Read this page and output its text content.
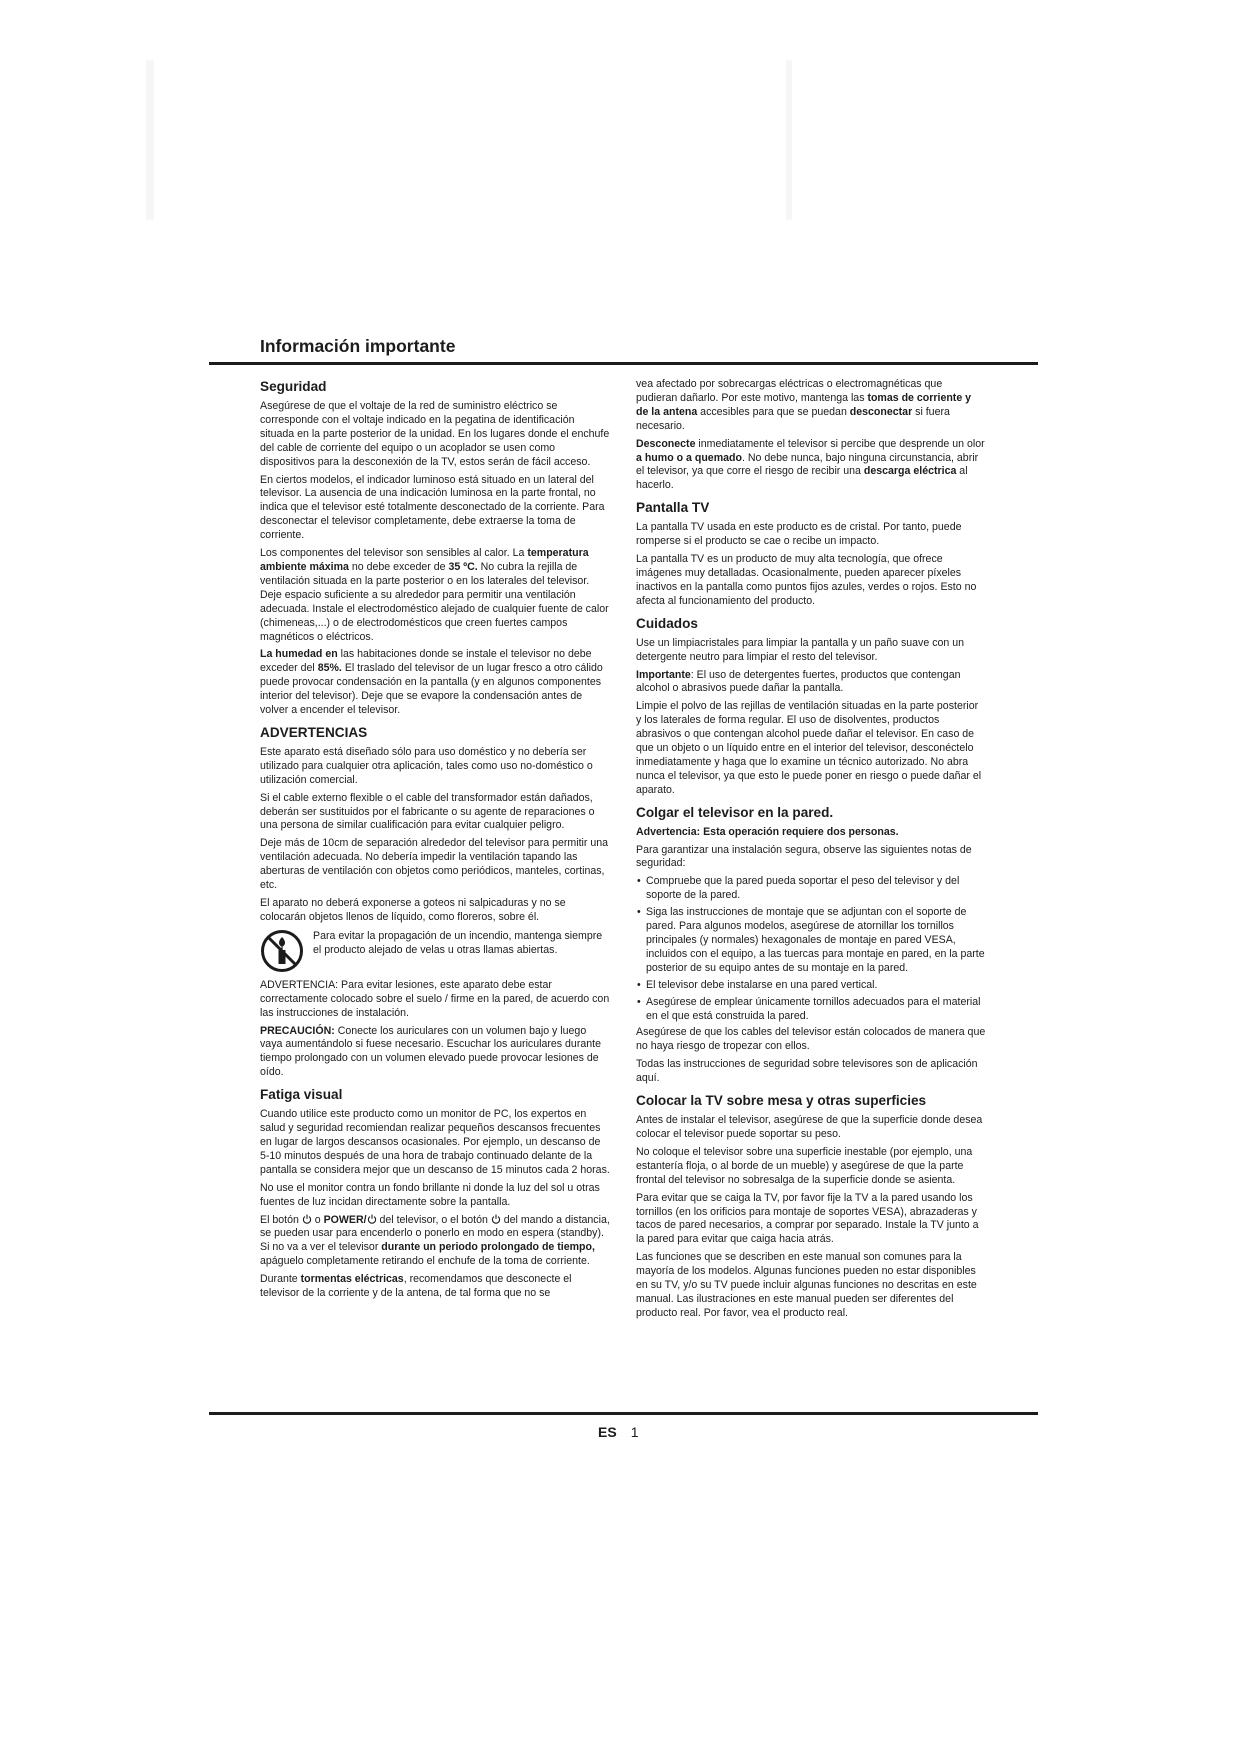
Información importante
Seguridad

Asegúrese de que el voltaje de la red de suministro eléctrico se corresponde con el voltaje indicado en la pegatina de identificación situada en la parte posterior de la unidad. En los lugares donde el enchufe del cable de corriente del equipo o un acoplador se usen como dispositivos para la desconexión de la TV, estos serán de fácil acceso.

En ciertos modelos, el indicador luminoso está situado en un lateral del televisor. La ausencia de una indicación luminosa en la parte frontal, no indica que el televisor esté totalmente desconectado de la corriente. Para desconectar el televisor completamente, debe extraerse la toma de corriente.

Los componentes del televisor son sensibles al calor. La temperatura ambiente máxima no debe exceder de 35 ºC. No cubra la rejilla de ventilación situada en la parte posterior o en los laterales del televisor. Deje espacio suficiente a su alrededor para permitir una ventilación adecuada. Instale el electrodoméstico alejado de cualquier fuente de calor (chimeneas,...) o de electrodomésticos que creen fuertes campos magnéticos o eléctricos.

La humedad en las habitaciones donde se instale el televisor no debe exceder del 85%. El traslado del televisor de un lugar fresco a otro cálido puede provocar condensación en la pantalla (y en algunos componentes interior del televisor). Deje que se evapore la condensación antes de volver a encender el televisor.

ADVERTENCIAS

Este aparato está diseñado sólo para uso doméstico y no debería ser utilizado para cualquier otra aplicación, tales como uso no-doméstico o utilización comercial.

Si el cable externo flexible o el cable del transformador están dañados, deberán ser sustituidos por el fabricante o su agente de reparaciones o una persona de similar cualificación para evitar cualquier peligro.

Deje más de 10cm de separación alrededor del televisor para permitir una ventilación adecuada. No debería impedir la ventilación tapando las aberturas de ventilación con objetos como periódicos, manteles, cortinas, etc.

El aparato no deberá exponerse a goteos ni salpicaduras y no se colocarán objetos llenos de líquido, como floreros, sobre él.

Para evitar la propagación de un incendio, mantenga siempre el producto alejado de velas u otras llamas abiertas.

ADVERTENCIA: Para evitar lesiones, este aparato debe estar correctamente colocado sobre el suelo / firme en la pared, de acuerdo con las instrucciones de instalación.

PRECAUCIÓN: Conecte los auriculares con un volumen bajo y luego vaya aumentándolo si fuese necesario. Escuchar los auriculares durante tiempo prolongado con un volumen elevado puede provocar lesiones de oído.

Fatiga visual

Cuando utilice este producto como un monitor de PC, los expertos en salud y seguridad recomiendan realizar pequeños descansos frecuentes en lugar de largos descansos ocasionales. Por ejemplo, un descanso de 5-10 minutos después de una hora de trabajo continuado delante de la pantalla se considera mejor que un descanso de 15 minutos cada 2 horas.

No use el monitor contra un fondo brillante ni donde la luz del sol u otras fuentes de luz incidan directamente sobre la pantalla.

El botón  o POWER/ del televisor, o el botón  del mando a distancia, se pueden usar para encenderlo o ponerlo en modo en espera (standby). Si no va a ver el televisor durante un periodo prolongado de tiempo, apáguelo completamente retirando el enchufe de la toma de corriente.

Durante tormentas eléctricas, recomendamos que desconecte el televisor de la corriente y de la antena, de tal forma que no se

vea afectado por sobrecargas eléctricas o electromagnéticas que pudieran dañarlo. Por este motivo, mantenga las tomas de corriente y de la antena accesibles para que se puedan desconectar si fuera necesario.

Desconecte inmediatamente el televisor si percibe que desprende un olor a humo o a quemado. No debe nunca, bajo ninguna circunstancia, abrir el televisor, ya que corre el riesgo de recibir una descarga eléctrica al hacerlo.

Pantalla TV

La pantalla TV usada en este producto es de cristal. Por tanto, puede romperse si el producto se cae o recibe un impacto.

La pantalla TV es un producto de muy alta tecnología, que ofrece imágenes muy detalladas. Ocasionalmente, pueden aparecer píxeles inactivos en la pantalla como puntos fijos azules, verdes o rojos. Esto no afecta al funcionamiento del producto.

Cuidados

Use un limpiacristales para limpiar la pantalla y un paño suave con un detergente neutro para limpiar el resto del televisor.

Importante: El uso de detergentes fuertes, productos que contengan alcohol o abrasivos puede dañar la pantalla.

Limpie el polvo de las rejillas de ventilación situadas en la parte posterior y los laterales de forma regular. El uso de disolventes, productos abrasivos o que contengan alcohol puede dañar el televisor. En caso de que un objeto o un líquido entre en el interior del televisor, desconéctelo inmediatamente y haga que lo examine un técnico autorizado. No abra nunca el televisor, ya que esto le puede poner en riesgo o puede dañar el aparato.

Colgar el televisor en la pared.

Advertencia: Esta operación requiere dos personas.

Para garantizar una instalación segura, observe las siguientes notas de seguridad:

• Compruebe que la pared pueda soportar el peso del televisor y del soporte de la pared.
• Siga las instrucciones de montaje que se adjuntan con el soporte de pared. Para algunos modelos, asegúrese de atornillar los tornillos principales (y normales) hexagonales de montaje en pared VESA, incluidos con el equipo, a las tuercas para montaje en pared, en la parte posterior de su equipo antes de su montaje en la pared.
• El televisor debe instalarse en una pared vertical.
• Asegúrese de emplear únicamente tornillos adecuados para el material en el que está construida la pared.

Asegúrese de que los cables del televisor están colocados de manera que no haya riesgo de tropezar con ellos.

Todas las instrucciones de seguridad sobre televisores son de aplicación aquí.

Colocar la TV sobre mesa y otras superficies

Antes de instalar el televisor, asegúrese de que la superficie donde desea colocar el televisor puede soportar su peso.

No coloque el televisor sobre una superficie inestable (por ejemplo, una estantería floja, o al borde de un mueble) y asegúrese de que la parte frontal del televisor no sobresalga de la superficie donde se asienta.

Para evitar que se caiga la TV, por favor fije la TV a la pared usando los tornillos (en los orificios para montaje de soportes VESA), abrazaderas y tacos de pared necesarios, a comprar por separado. Instale la TV junto a la pared para evitar que caiga hacia atrás.

Las funciones que se describen en este manual son comunes para la mayoría de los modelos. Algunas funciones pueden no estar disponibles en su TV, y/o su TV puede incluir algunas funciones no descritas en este manual. Las ilustraciones en este manual pueden ser diferentes del producto real. Por favor, vea el producto real.

ES 1
